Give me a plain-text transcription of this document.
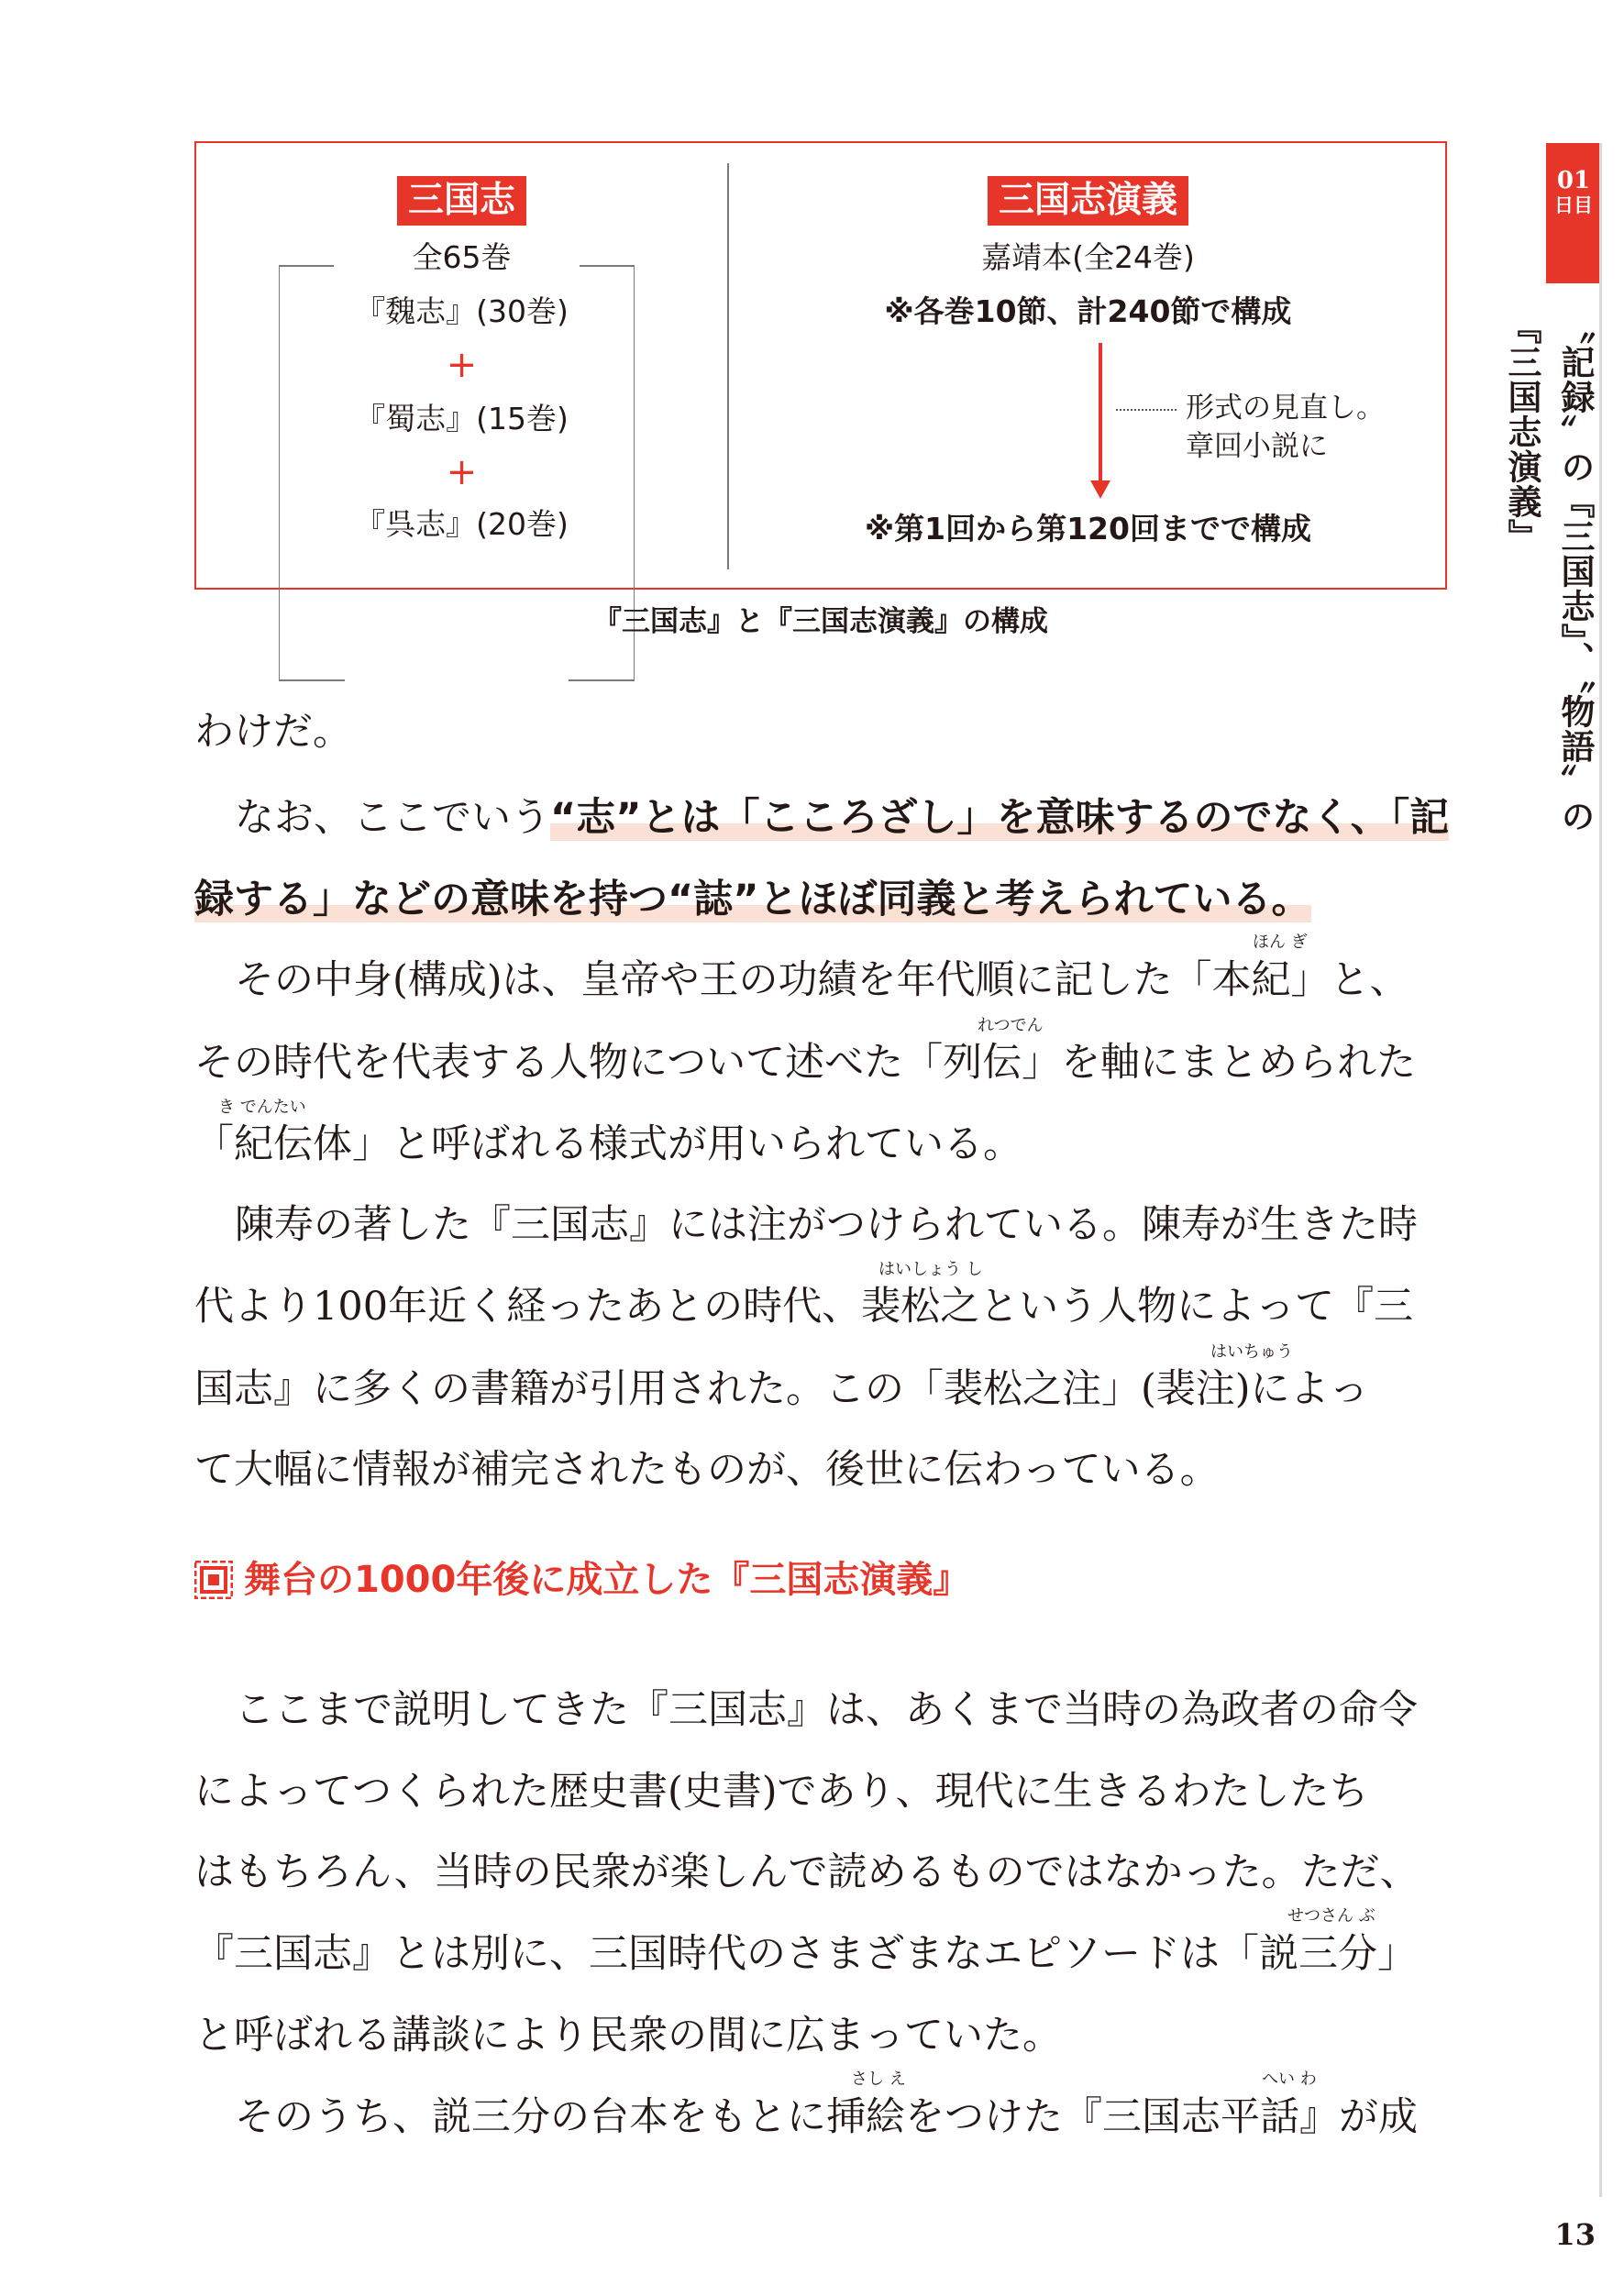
三国志
全65巻
『魏志』(30巻)
+
『蜀志』(15巻)
+
『呉志』(20巻)
三国志演義
嘉靖本(全24巻)
※各巻10節、計240節で構成
形式の見直し。
章回小説に
※第1回から第120回までで構成
『三国志』と『三国志演義』の構成
01
日目
〝記録〟の『三国志』、〝物語〟の『三国志演義』
わけだ。
なお、ここでいう“志”とは「こころざし」を意味するのでなく、「記
録する」などの意味を持つ“誌”とほぼ同義と考えられている。
ほん ぎ
その中身(構成)は、皇帝や王の功績を年代順に記した「本紀」と、
れつでん
その時代を代表する人物について述べた「列伝」を軸にまとめられた
き でんたい
「紀伝体」と呼ばれる様式が用いられている。
陳寿の著した『三国志』には注がつけられている。陳寿が生きた時
はいしょう し
代より100年近く経ったあとの時代、裴松之という人物によって『三
はいちゅう
国志』に多くの書籍が引用された。この「裴松之注」(裴注)によっ
て大幅に情報が補完されたものが、後世に伝わっている。
舞台の1000年後に成立した『三国志演義』
ここまで説明してきた『三国志』は、あくまで当時の為政者の命令
によってつくられた歴史書(史書)であり、現代に生きるわたしたち
はもちろん、当時の民衆が楽しんで読めるものではなかった。ただ、
せつさん ぶ
『三国志』とは別に、三国時代のさまざまなエピソードは「説三分」
と呼ばれる講談により民衆の間に広まっていた。
さし え	へい わ
そのうち、説三分の台本をもとに挿絵をつけた『三国志平話』が成
13
